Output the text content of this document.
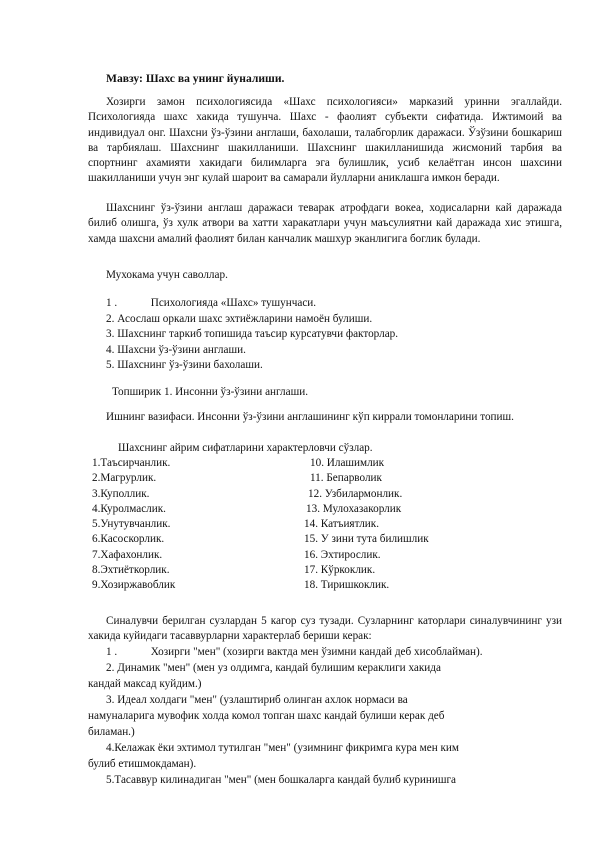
Мавзу: Шахс ва унинг йуналиши.
Хозирги замон психологиясида «Шахс психологияси» марказий уринни эгаллайди. Психологияда шахс хакида тушунча. Шахс - фаолият субъекти сифатида. Ижтимоий ва индивидуал онг. Шахсни ўз-ўзини англаши, бахолаши, талабгорлик даражаси. Ўзўзини бошкариш ва тарбиялаш. Шахснинг шакилланиши. Шахснинг шакилланишида жисмоний тарбия ва спортнинг ахамияти хакидаги билимларга эга булишлик, усиб келаётган инсон шахсини шакилланиши учун энг кулай шароит ва самарали йулларни аниклашга имкон беради.
Шахснинг ўз-ўзини англаш даражаси теварак атрофдаги вокеа, ходисаларни кай даражада билиб олишга, ўз хулк атвори ва хатти харакатлари учун маъсулиятни кай даражада хис этишга, хамда шахсни амалий фаолият билан канчалик машхур эканлигига боглик булади.
Мухокама учун саволлар.
1 .            Психологияда «Шахс» тушунчаси.
2. Асослаш оркали шахс эхтиёжларини намоён булиши.
3. Шахснинг таркиб топишида таъсир курсатувчи факторлар.
4. Шахсни ўз-ўзини англаши.
5. Шахснинг ўз-ўзини бахолаши.
Топширик 1. Инсонни ўз-ўзини англаши.
Ишнинг вазифаси. Инсонни ўз-ўзини англашининг кўп киррали томонларини топиш.
Шахснинг айрим сифатларини характерловчи сўзлар.
1.Таъсирчанлик.
2.Магрурлик.
3.Куполлик.
4.Куролмаслик.
5.Унутувчанлик.
6.Касоскорлик.
7.Хафахонлик.
8.Эхтиёткорлик.
9.Хозиржавоблик
10. Илашимлик
11. Бепарволик
12. Узбилармонлик.
13. Мулохазакорлик
14. Катъиятлик.
15. У зини тута билишлик
16. Эхтирослик.
17. Кўркоклик.
18. Тиришкоклик.
Синалувчи берилган сузлардан 5 кагор суз тузади. Сузларнинг каторлари синалувчининг узи хакида куйидаги тасаввурларни характерлаб бериши керак:
1 .            Хозирги "мен" (хозирги вактда мен ўзимни кандай деб хисоблайман).
2. Динамик "мен" (мен уз олдимга, кандай булишим кераклиги хакида
кандай максад куйдим.)
3. Идеал холдаги "мен" (узлаштириб олинган ахлок нормаси ва
намуналарига мувофик холда комол топган шахс кандай булиши керак деб
биламан.)
4.Келажак ёки эхтимол тутилган "мен" (узимнинг фикримга кура мен ким
булиб етишмокдаман).
5.Тасаввур килинадиган "мен" (мен бошкаларга кандай булиб куринишга
